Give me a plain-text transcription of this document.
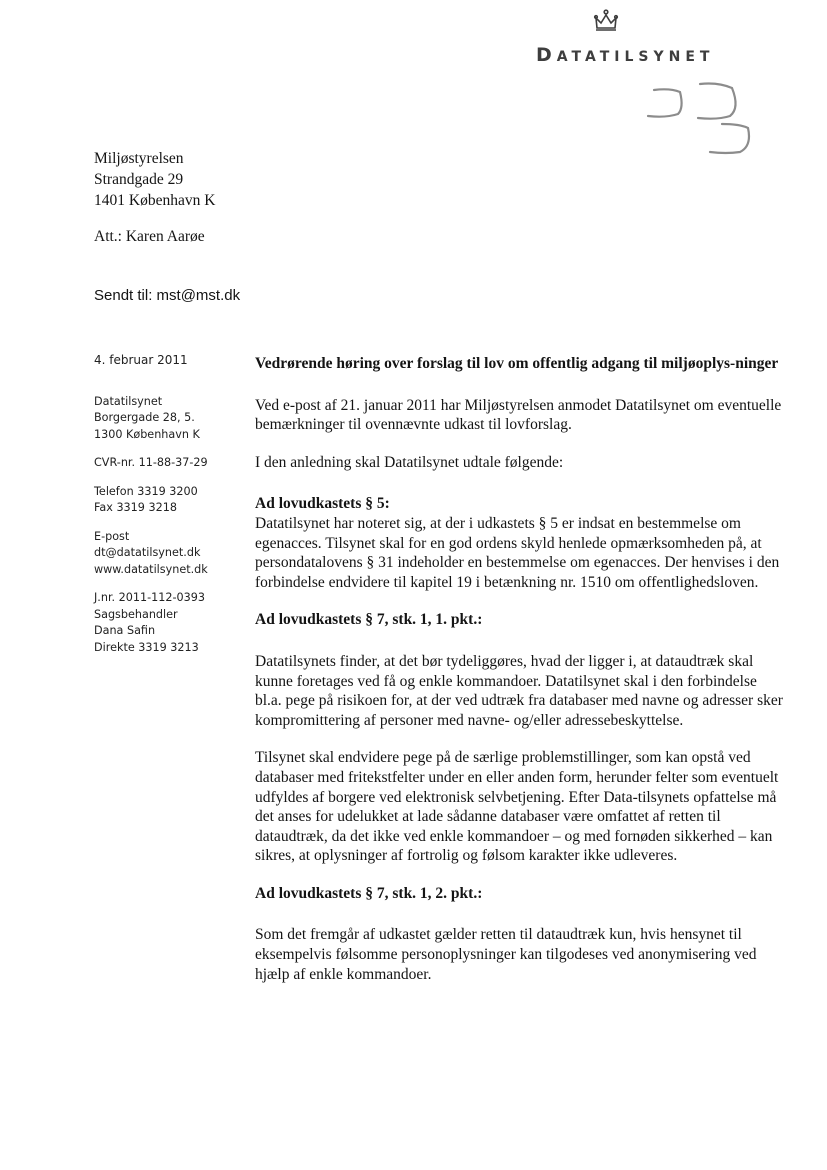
DATATILSYNET
Miljøstyrelsen
Strandgade 29
1401 København K
Att.: Karen Aarøe
Sendt til: mst@mst.dk
4. februar 2011
Datatilsynet
Borgergade 28, 5.
1300 København K
CVR-nr. 11-88-37-29
Telefon 3319 3200
Fax 3319 3218
E-post
dt@datatilsynet.dk
www.datatilsynet.dk
J.nr. 2011-112-0393
Sagsbehandler
Dana Safin
Direkte 3319 3213
Vedrørende høring over forslag til lov om offentlig adgang til miljøoplys-ninger

Ved e-post af 21. januar 2011 har Miljøstyrelsen anmodet Datatilsynet om eventuelle bemærkninger til ovennævnte udkast til lovforslag.

I den anledning skal Datatilsynet udtale følgende:

Ad lovudkastets § 5:

Datatilsynet har noteret sig, at der i udkastets § 5 er indsat en bestemmelse om egenacces. Tilsynet skal for en god ordens skyld henlede opmærksomheden på, at persondatalovens § 31 indeholder en bestemmelse om egenacces. Der henvises i den forbindelse endvidere til kapitel 19 i betænkning nr. 1510 om offentlighedsloven.

Ad lovudkastets § 7, stk. 1, 1. pkt.:

Datatilsynets finder, at det bør tydeliggøres, hvad der ligger i, at dataudtræk skal kunne foretages ved få og enkle kommandoer. Datatilsynet skal i den forbindelse bl.a. pege på risikoen for, at der ved udtræk fra databaser med navne og adresser sker kompromittering af personer med navne- og/eller adressebeskyttelse.

Tilsynet skal endvidere pege på de særlige problemstillinger, som kan opstå ved databaser med fritekstfelter under en eller anden form, herunder felter som eventuelt udfyldes af borgere ved elektronisk selvbetjening. Efter Data-tilsynets opfattelse må det anses for udelukket at lade sådanne databaser være omfattet af retten til dataudtræk, da det ikke ved enkle kommandoer – og med fornøden sikkerhed – kan sikres, at oplysninger af fortrolig og følsom karakter ikke udleveres.

Ad lovudkastets § 7, stk. 1, 2. pkt.:

Som det fremgår af udkastet gælder retten til dataudtræk kun, hvis hensynet til eksempelvis følsomme personoplysninger kan tilgodeses ved anonymisering ved hjælp af enkle kommandoer.
